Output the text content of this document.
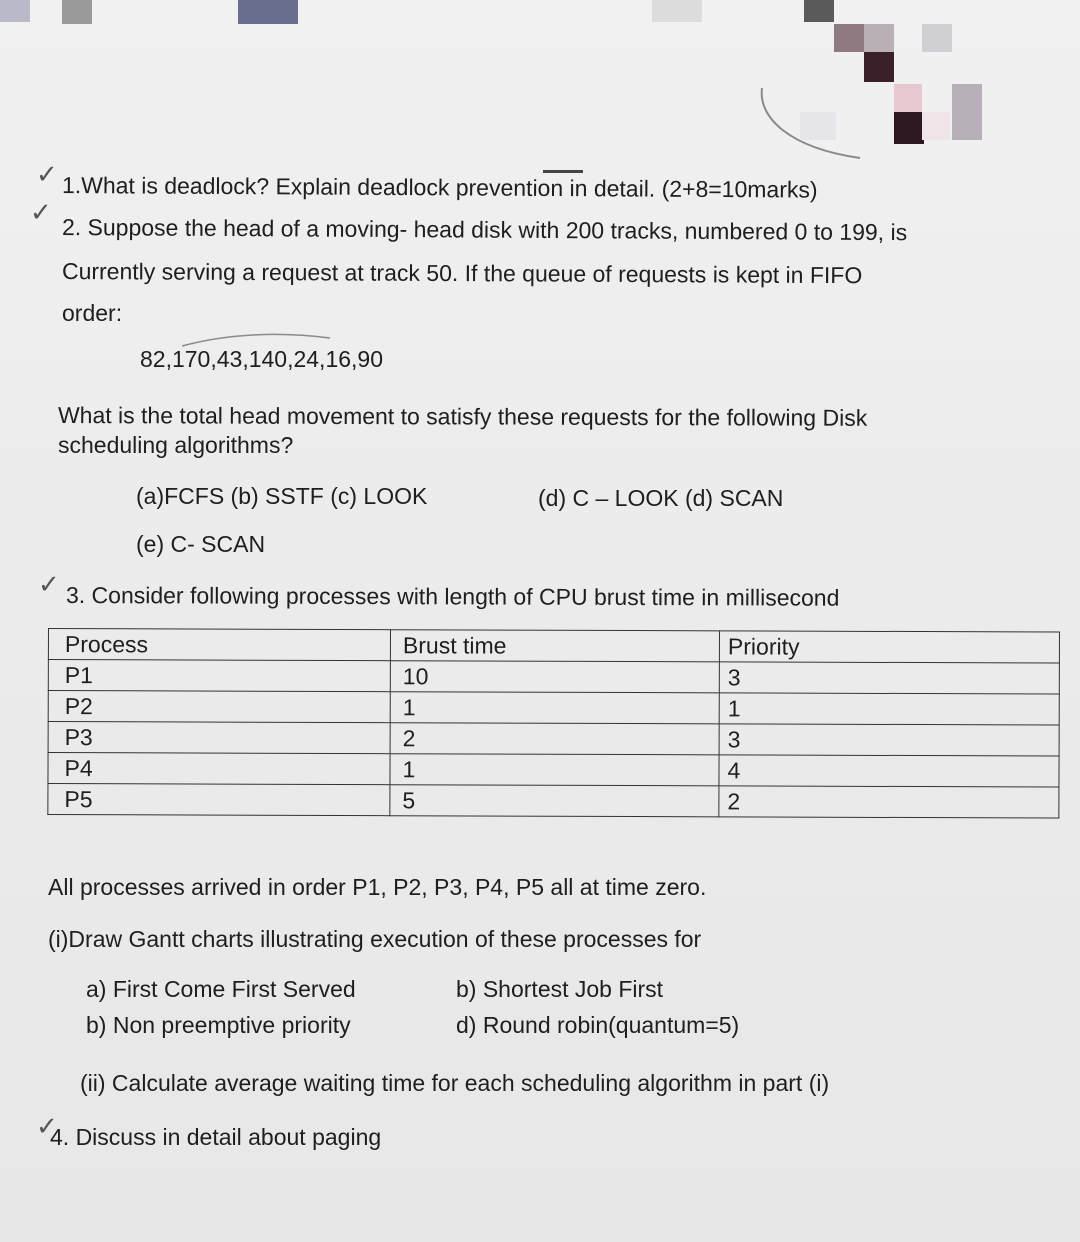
✓
✓
✓
✓
1.What is deadlock? Explain deadlock prevention in detail. (2+8=10marks)
2. Suppose the head of a moving- head disk with 200 tracks, numbered 0 to 199, is
Currently serving a request at track 50. If the queue of requests is kept in FIFO
order:
82,170,43,140,24,16,90
What is the total head movement to satisfy these requests for the following Disk
scheduling algorithms?
(a)FCFS (b) SSTF (c) LOOK	(d) C – LOOK (d) SCAN
(e) C- SCAN
3. Consider following processes with length of CPU brust time in millisecond
Process	Brust time	Priority
P1	10	3
P2	1	1
P3	2	3
P4	1	4
P5	5	2
All processes arrived in order P1, P2, P3, P4, P5 all at time zero.
(i)Draw Gantt charts illustrating execution of these processes for
a) First Come First Served	b) Shortest Job First
b) Non preemptive priority	d) Round robin(quantum=5)
(ii) Calculate average waiting time for each scheduling algorithm in part (i)
4. Discuss in detail about paging
